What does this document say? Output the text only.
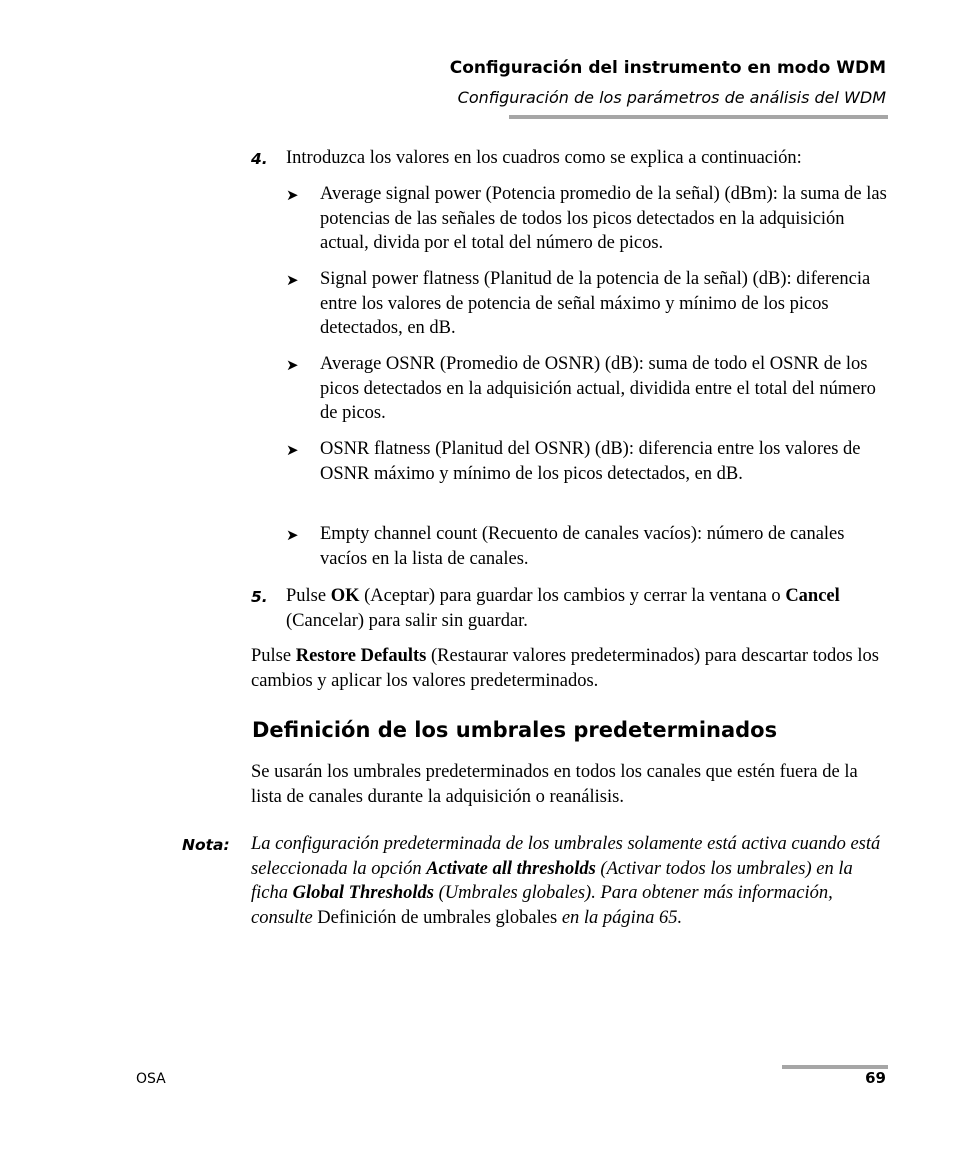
Configuración del instrumento en modo WDM
Configuración de los parámetros de análisis del WDM
4. Introduzca los valores en los cuadros como se explica a continuación:
➤ Average signal power (Potencia promedio de la señal) (dBm): la suma de las potencias de las señales de todos los picos detectados en la adquisición actual, divida por el total del número de picos.
➤ Signal power flatness (Planitud de la potencia de la señal) (dB): diferencia entre los valores de potencia de señal máximo y mínimo de los picos detectados, en dB.
➤ Average OSNR (Promedio de OSNR) (dB): suma de todo el OSNR de los picos detectados en la adquisición actual, dividida entre el total del número de picos.
➤ OSNR flatness (Planitud del OSNR) (dB): diferencia entre los valores de OSNR máximo y mínimo de los picos detectados, en dB.
➤ Empty channel count (Recuento de canales vacíos): número de canales vacíos en la lista de canales.
5. Pulse OK (Aceptar) para guardar los cambios y cerrar la ventana o Cancel (Cancelar) para salir sin guardar.
Pulse Restore Defaults (Restaurar valores predeterminados) para descartar todos los cambios y aplicar los valores predeterminados.
Definición de los umbrales predeterminados
Se usarán los umbrales predeterminados en todos los canales que estén fuera de la lista de canales durante la adquisición o reanálisis.
Nota: La configuración predeterminada de los umbrales solamente está activa cuando está seleccionada la opción Activate all thresholds (Activar todos los umbrales) en la ficha Global Thresholds (Umbrales globales). Para obtener más información, consulte Definición de umbrales globales en la página 65.
OSA	69
